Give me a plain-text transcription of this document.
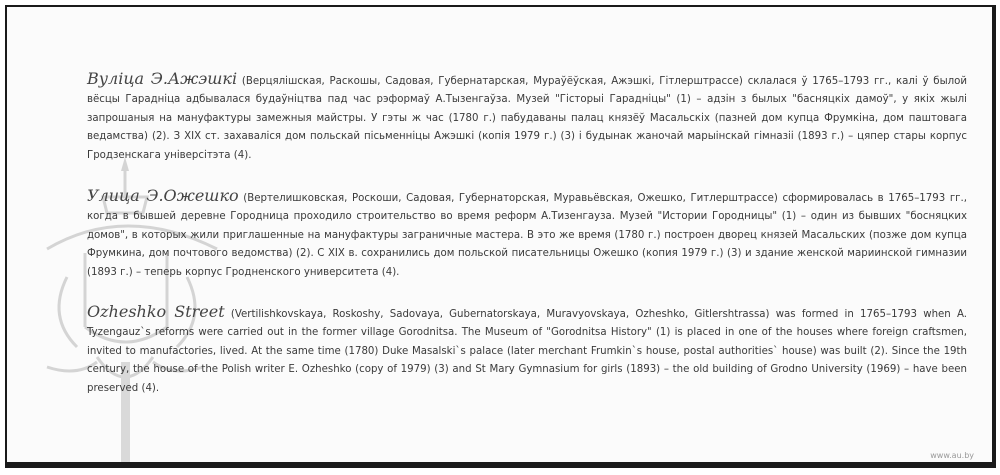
Вуліца Э.Ажэшкі (Верцялішская, Раскошы, Садовая, Губернатарская, Мураўёўская, Ажэшкі, Гітлерштрассе) склалася ў 1765–1793 гг., калі ў былой вёсцы Гарадніца адбывалася будаўніцтва пад час рэформаў А.Тызенгаўза. Музей "Гісторыі Гарадніцы" (1) – адзін з былых "басняцкіх дамоў", у якіх жылі запрошаныя на мануфактуры замежныя майстры. У гэты ж час (1780 г.) пабудаваны палац князёў Масальскіх (пазней дом купца Фрумкіна, дом паштовага ведамства) (2). З XIX ст. захаваліся дом польскай пісьменніцы Ажэшкі (копія 1979 г.) (3) і будынак жаночай марыінскай гімназіі (1893 г.) – цяпер стары корпус Гродзенскага універсітэта (4).
Улица Э.Ожешко (Вертелишковская, Роскоши, Садовая, Губернаторская, Муравьёвская, Ожешко, Гитлерштрассе) сформировалась в 1765–1793 гг., когда в бывшей деревне Городница проходило строительство во время реформ А.Тизенгауза. Музей "Истории Городницы" (1) – один из бывших "босняцких домов", в которых жили приглашенные на мануфактуры заграничные мастера. В это же время (1780 г.) построен дворец князей Масальских (позже дом купца Фрумкина, дом почтового ведомства) (2). С XIX в. сохранились дом польской писательницы Ожешко (копия 1979 г.) (3) и здание женской мариинской гимназии (1893 г.) – теперь корпус Гродненского университета (4).
Ozheshko Street (Vertilishkovskaya, Roskoshy, Sadovaya, Gubernatorskaya, Muravyovskaya, Ozheshko, Gitlershtrassa) was formed in 1765–1793 when A. Tyzengauz`s reforms were carried out in the former village Gorodnitsa. The Museum of "Gorodnitsa History" (1) is placed in one of the houses where foreign craftsmen, invited to manufactories, lived. At the same time (1780) Duke Masalski`s palace (later merchant Frumkin`s house, postal authorities` house) was built (2). Since the 19th century, the house of the Polish writer E. Ozheshko (copy of 1979) (3) and St Mary Gymnasium for girls (1893) – the old building of Grodno University (1969) – have been preserved (4).
www.au.by
